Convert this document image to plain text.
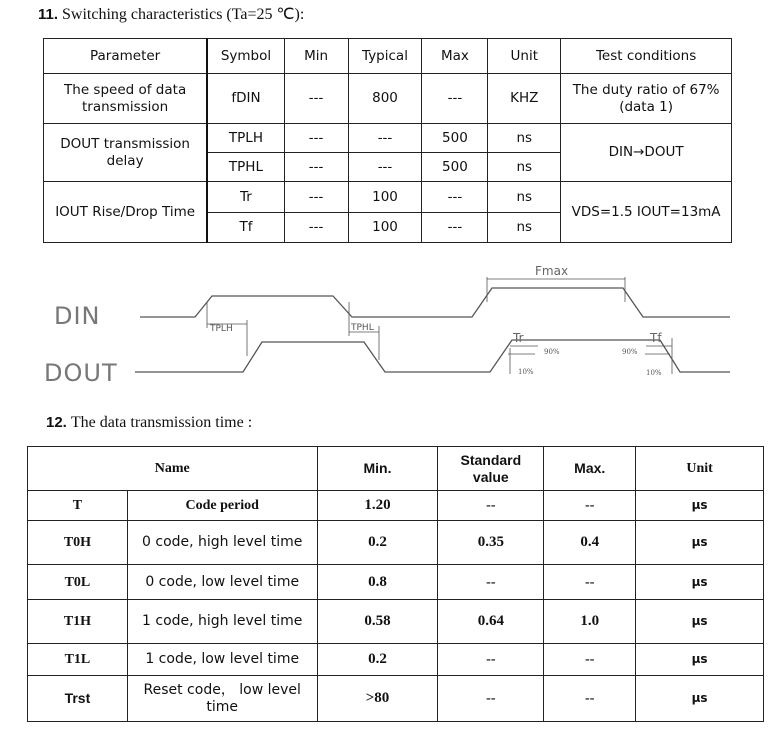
11. Switching characteristics (Ta=25 ℃):
Parameter	Symbol	Min	Typical	Max	Unit	Test conditions
The speed of data transmission	fDIN	---	800	---	KHZ	The duty ratio of 67% (data 1)
DOUT transmission delay	TPLH	---	---	500	ns	DIN→DOUT
	TPHL	---	---	500	ns	
IOUT Rise/Drop Time	Tr	---	100	---	ns	VDS=1.5 IOUT=13mA
	Tf	---	100	---	ns	
DIN
DOUT
TPLH	TPHL
Fmax
Tr	Tf
90%
10%
90%
10%
12. The data transmission time :
Name		Min.	Standard value	Max.	Unit
T	Code period	1.20	--	--	μs
T0H	0 code, high level time	0.2	0.35	0.4	μs
T0L	0 code, low level time	0.8	--	--	μs
T1H	1 code, high level time	0.58	0.64	1.0	μs
T1L	1 code, low level time	0.2	--	--	μs
Trst	Reset code， low level time	>80	--	--	μs
